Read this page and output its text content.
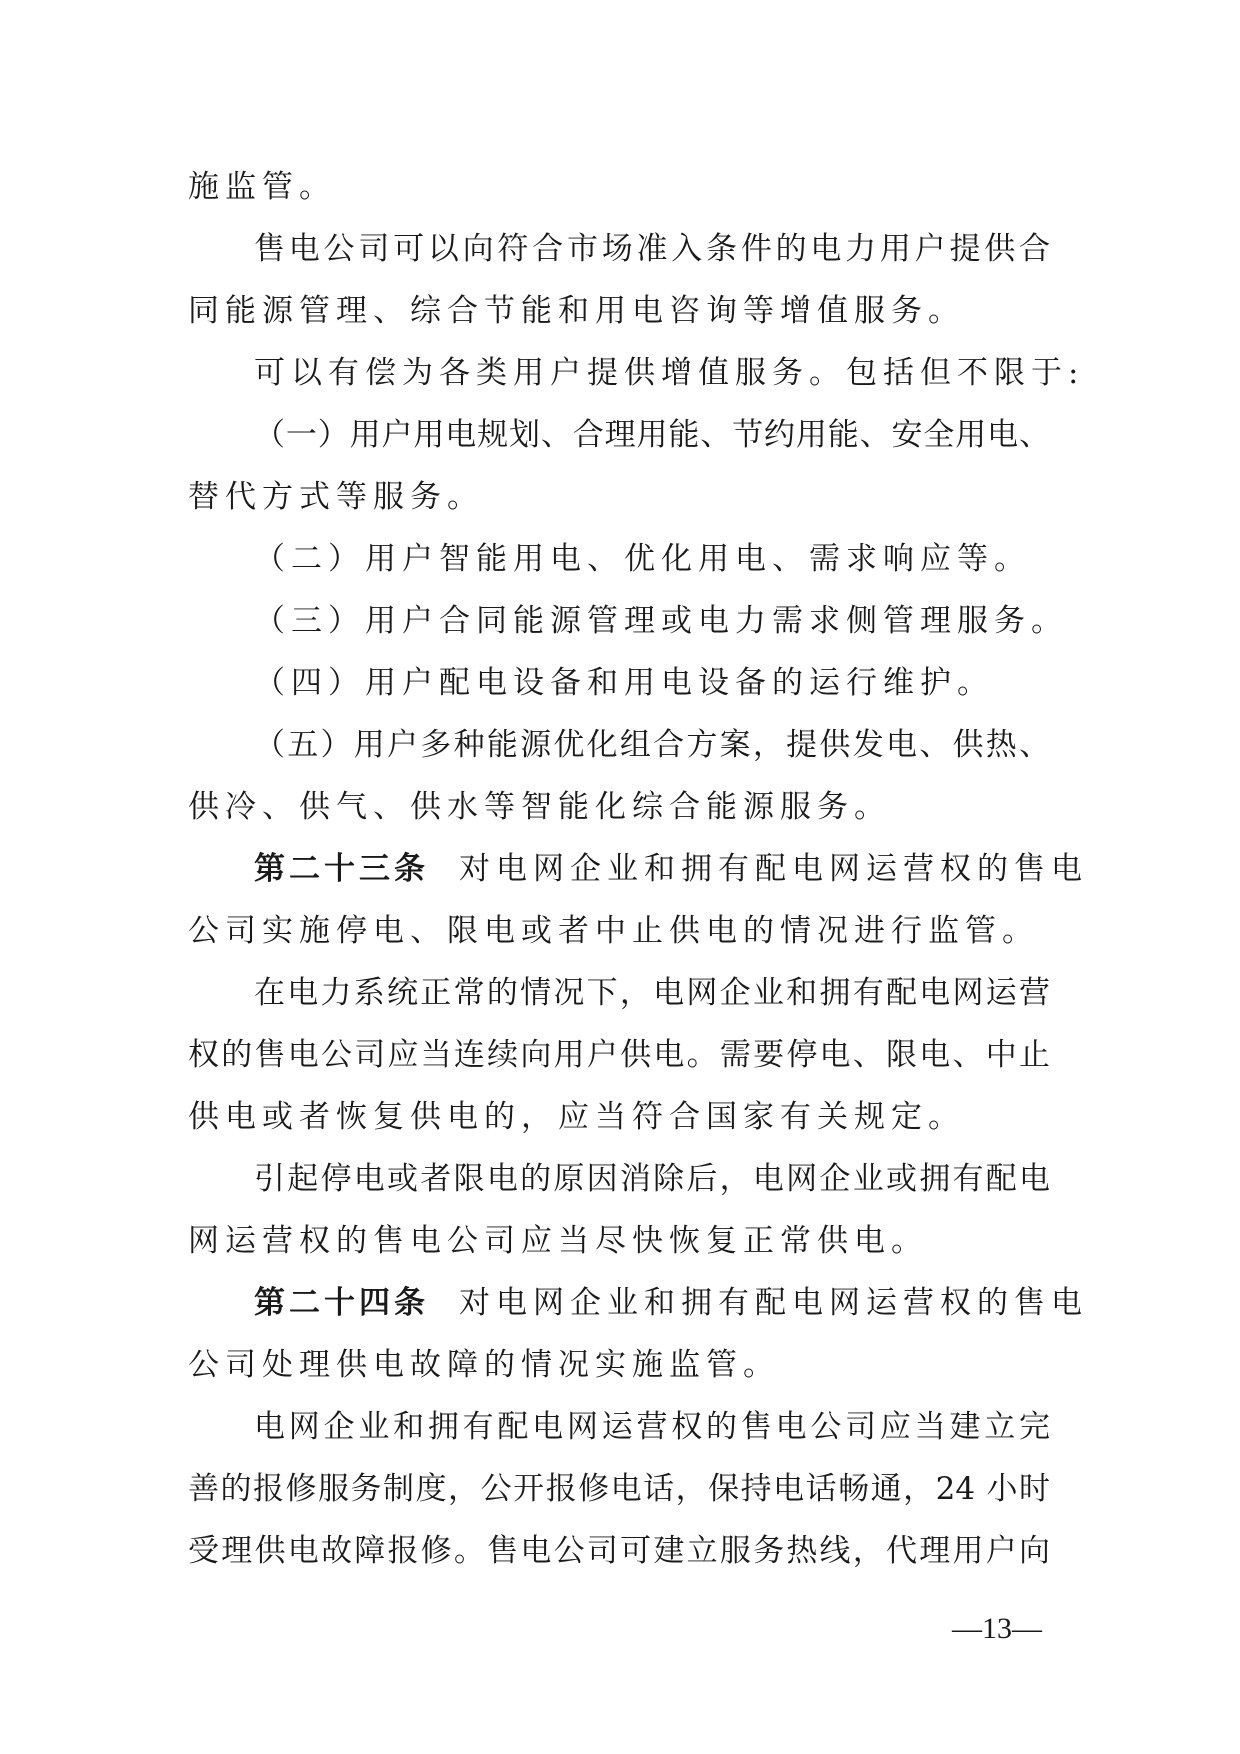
施监管。
售电公司可以向符合市场准入条件的电力用户提供合
同能源管理、综合节能和用电咨询等增值服务。
可以有偿为各类用户提供增值服务。包括但不限于:
（一）用户用电规划、合理用能、节约用能、安全用电、
替代方式等服务。
（二）用户智能用电、优化用电、需求响应等。
（三）用户合同能源管理或电力需求侧管理服务。
（四）用户配电设备和用电设备的运行维护。
（五）用户多种能源优化组合方案，提供发电、供热、
供冷、供气、供水等智能化综合能源服务。
第二十三条 对电网企业和拥有配电网运营权的售电
公司实施停电、限电或者中止供电的情况进行监管。
在电力系统正常的情况下，电网企业和拥有配电网运营
权的售电公司应当连续向用户供电。需要停电、限电、中止
供电或者恢复供电的，应当符合国家有关规定。
引起停电或者限电的原因消除后，电网企业或拥有配电
网运营权的售电公司应当尽快恢复正常供电。
第二十四条 对电网企业和拥有配电网运营权的售电
公司处理供电故障的情况实施监管。
电网企业和拥有配电网运营权的售电公司应当建立完
善的报修服务制度，公开报修电话，保持电话畅通，24 小时
受理供电故障报修。售电公司可建立服务热线，代理用户向
—13—
